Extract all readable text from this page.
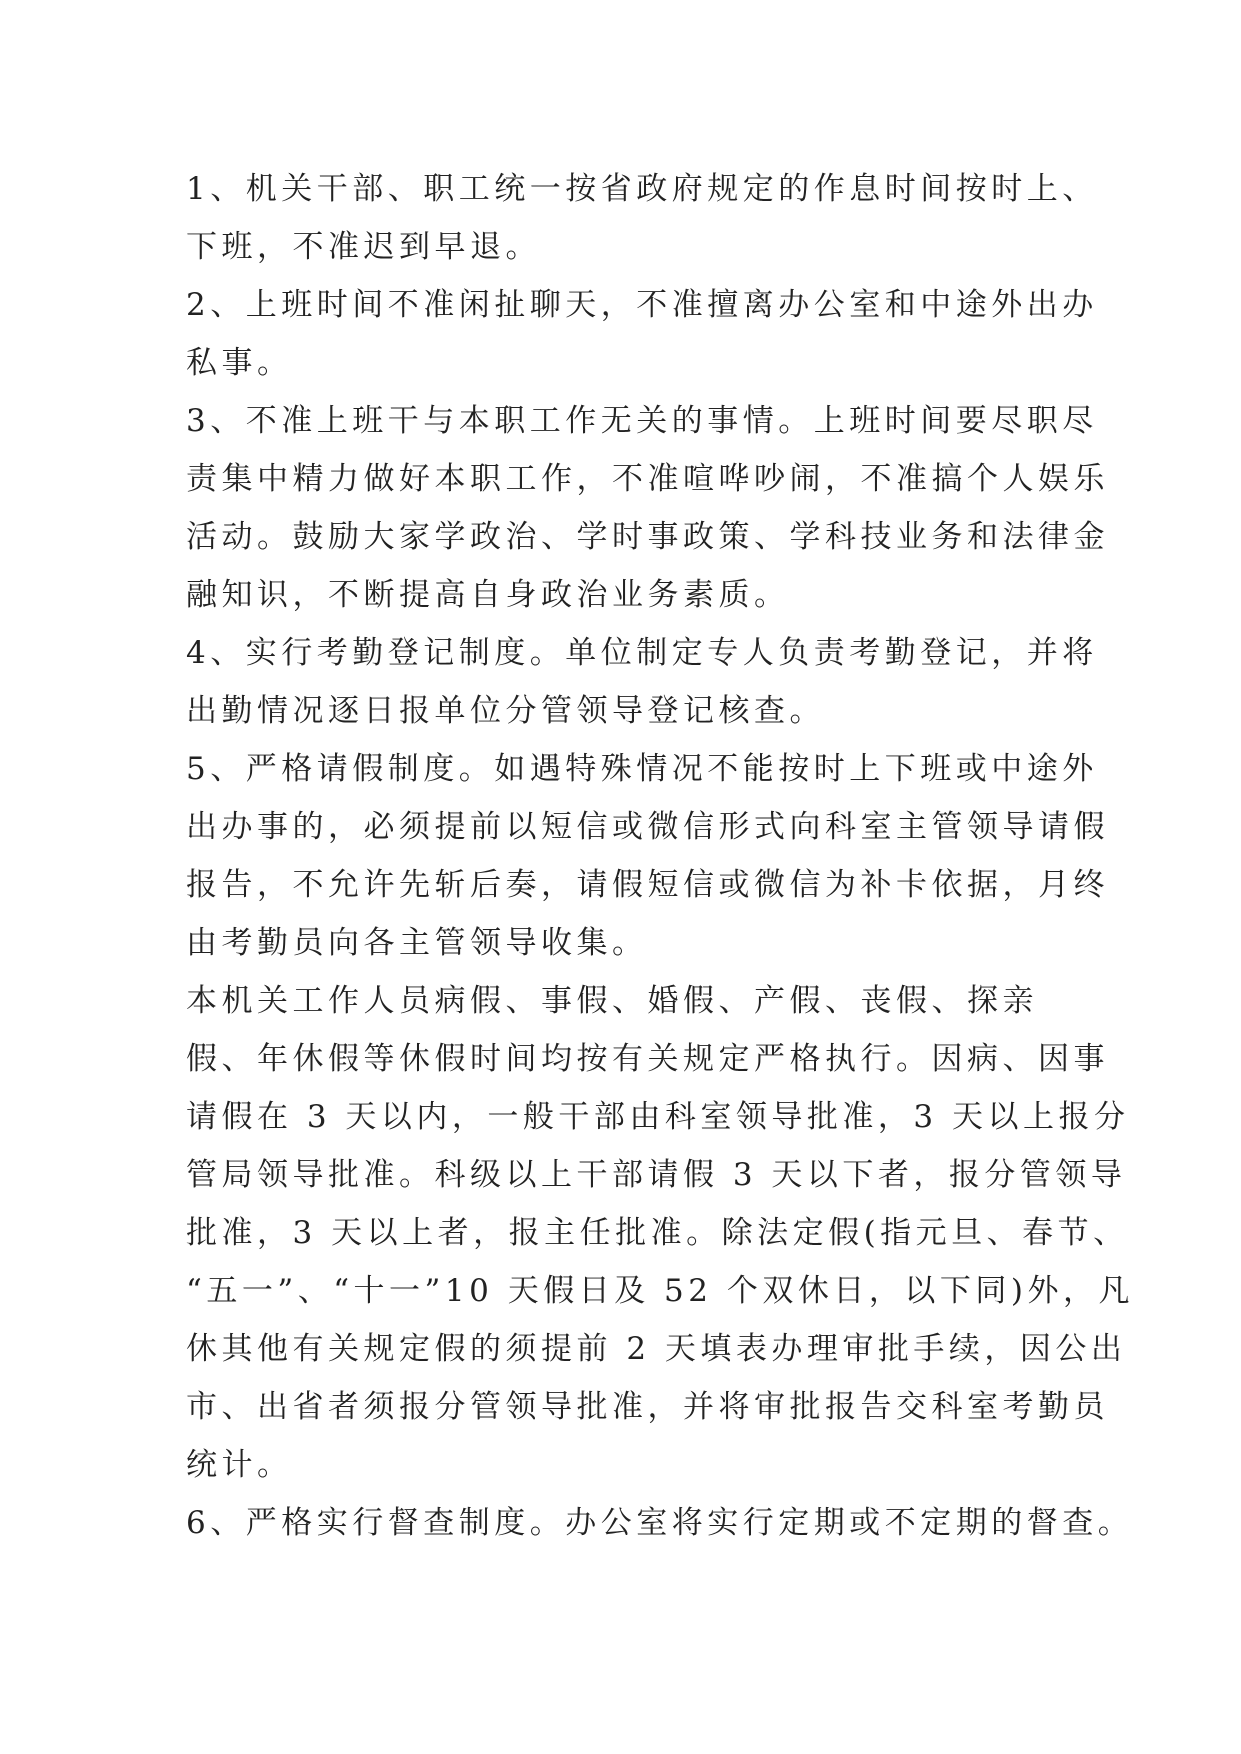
1、机关干部、职工统一按省政府规定的作息时间按时上、
下班，不准迟到早退。
2、上班时间不准闲扯聊天，不准擅离办公室和中途外出办
私事。
3、不准上班干与本职工作无关的事情。上班时间要尽职尽
责集中精力做好本职工作，不准喧哗吵闹，不准搞个人娱乐
活动。鼓励大家学政治、学时事政策、学科技业务和法律金
融知识，不断提高自身政治业务素质。
4、实行考勤登记制度。单位制定专人负责考勤登记，并将
出勤情况逐日报单位分管领导登记核查。
5、严格请假制度。如遇特殊情况不能按时上下班或中途外
出办事的，必须提前以短信或微信形式向科室主管领导请假
报告，不允许先斩后奏，请假短信或微信为补卡依据，月终
由考勤员向各主管领导收集。
本机关工作人员病假、事假、婚假、产假、丧假、探亲
假、年休假等休假时间均按有关规定严格执行。因病、因事
请假在 3 天以内，一般干部由科室领导批准，3 天以上报分
管局领导批准。科级以上干部请假 3 天以下者，报分管领导
批准，3 天以上者，报主任批准。除法定假(指元旦、春节、
“五一”、“十一”10 天假日及 52 个双休日，以下同)外，凡
休其他有关规定假的须提前 2 天填表办理审批手续，因公出
市、出省者须报分管领导批准，并将审批报告交科室考勤员
统计。
6、严格实行督查制度。办公室将实行定期或不定期的督查。
